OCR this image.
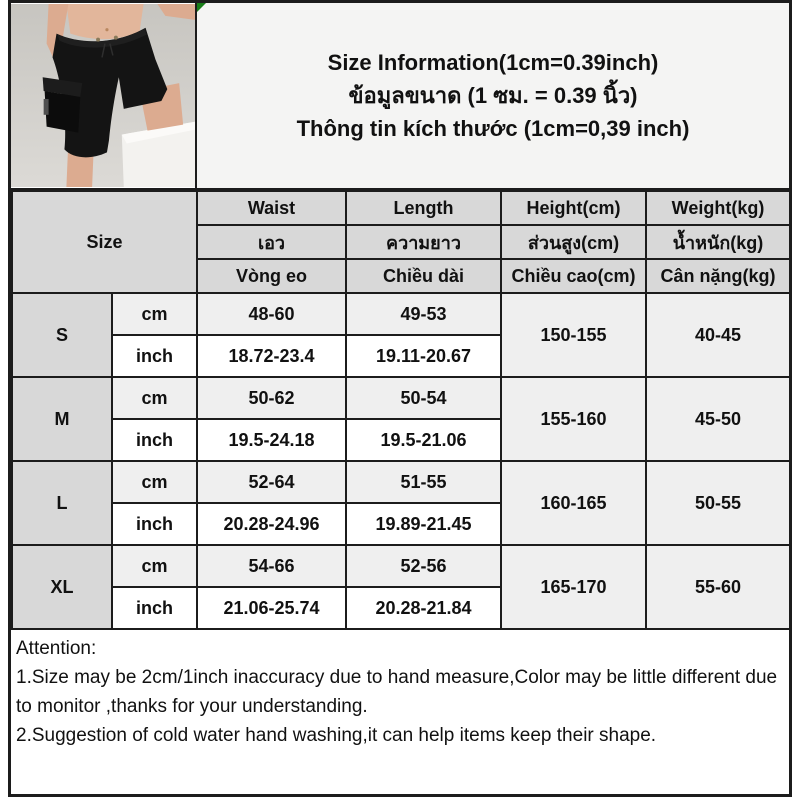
Size Information(1cm=0.39inch)
ข้อมูลขนาด (1 ซม. = 0.39 นิ้ว)
Thông tin kích thước (1cm=0,39 inch)
Size		Waist	Length	Height(cm)	Weight(kg)
		เอว	ความยาว	ส่วนสูง(cm)	น้ำหนัก(kg)
		Vòng eo	Chiều dài	Chiều cao(cm)	Cân nặng(kg)
S	cm	48-60	49-53	150-155	40-45
	inch	18.72-23.4	19.11-20.67		
M	cm	50-62	50-54	155-160	45-50
	inch	19.5-24.18	19.5-21.06		
L	cm	52-64	51-55	160-165	50-55
	inch	20.28-24.96	19.89-21.45		
XL	cm	54-66	52-56	165-170	55-60
	inch	21.06-25.74	20.28-21.84		
Attention:
1.Size may be 2cm/1inch inaccuracy due to hand measure,Color may be little different due to monitor ,thanks for your understanding.
2.Suggestion of cold water hand washing,it can help items keep their shape.
